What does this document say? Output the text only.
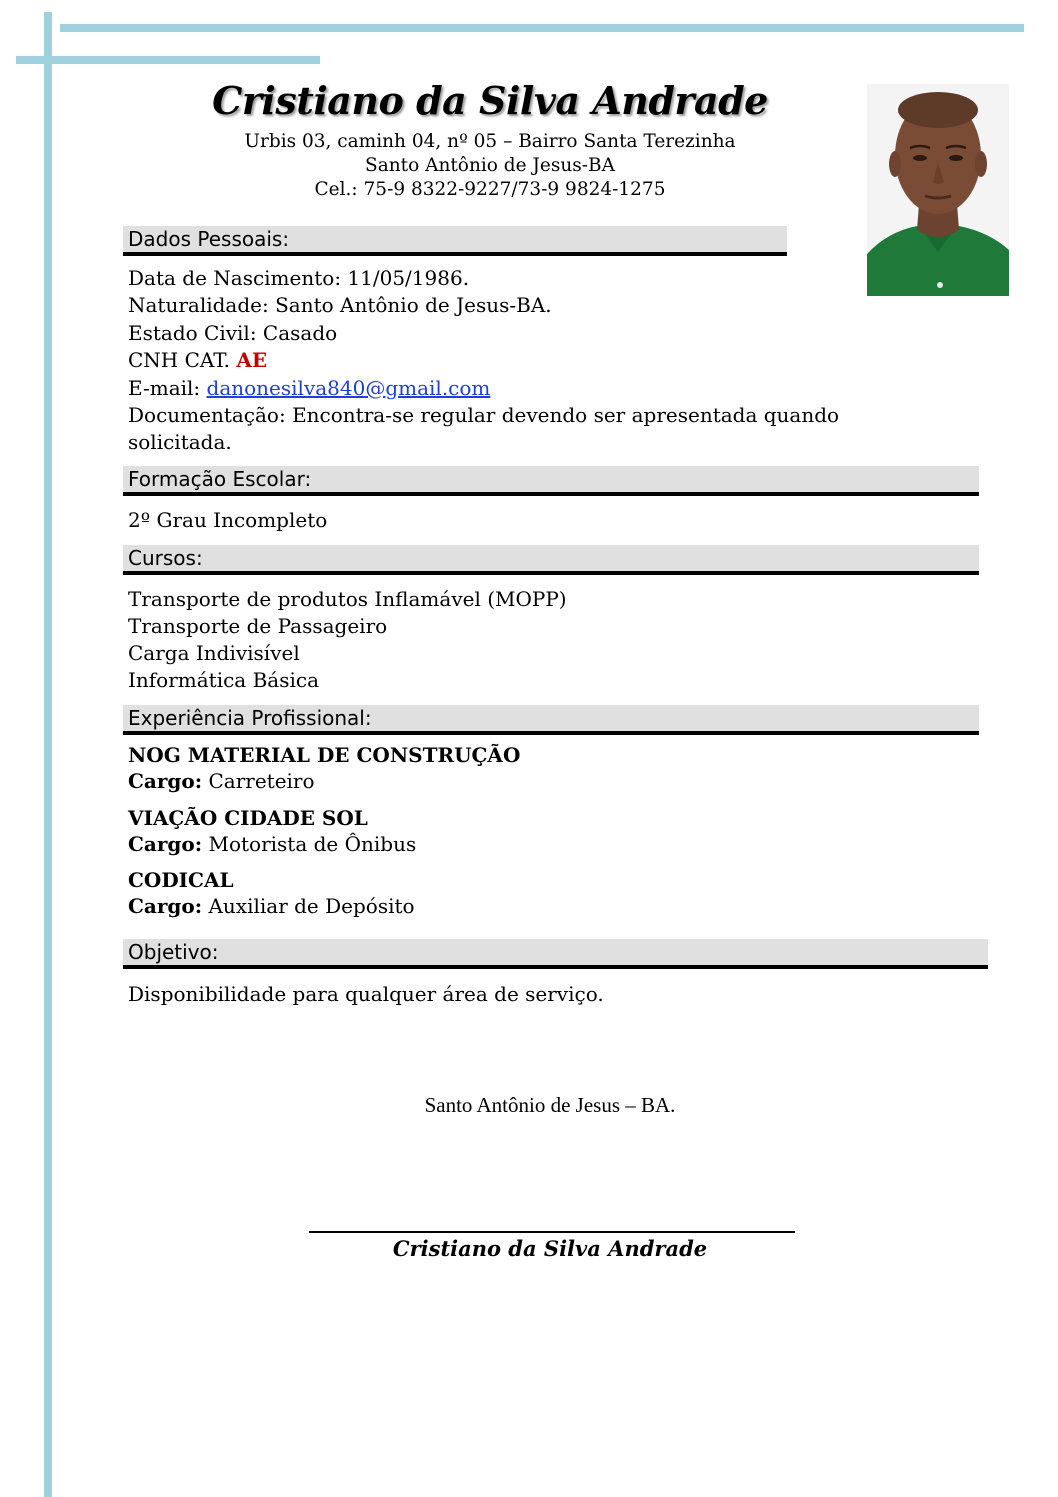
Cristiano da Silva Andrade
Urbis 03, caminh 04, nº 05 – Bairro Santa Terezinha
Santo Antônio de Jesus-BA
Cel.: 75-9 8322-9227/73-9 9824-1275
Dados Pessoais:
Data de Nascimento: 11/05/1986.
Naturalidade: Santo Antônio de Jesus-BA.
Estado Civil: Casado
CNH CAT. AE
E-mail: danonesilva840@gmail.com
Documentação: Encontra-se regular devendo ser apresentada quando
solicitada.
Formação Escolar:
2º Grau Incompleto
Cursos:
Transporte de produtos Inflamável (MOPP)
Transporte de Passageiro
Carga Indivisível
Informática Básica
Experiência Profissional:
NOG MATERIAL DE CONSTRUÇÃO
Cargo: Carreteiro
VIAÇÃO CIDADE SOL
Cargo: Motorista de Ônibus
CODICAL
Cargo: Auxiliar de Depósito
Objetivo:
Disponibilidade para qualquer área de serviço.
Santo Antônio de Jesus – BA.
Cristiano da Silva Andrade
